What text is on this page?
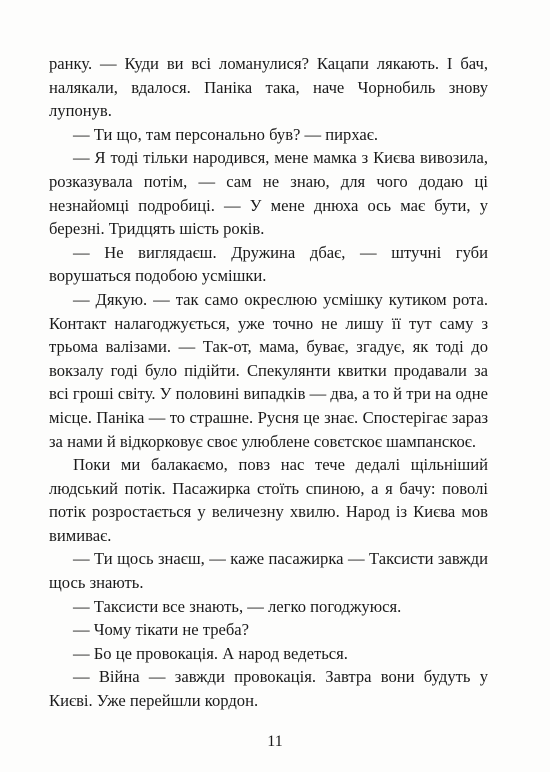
ранку. — Куди ви всі ломанулися? Кацапи лякають. І бач, налякали, вдалося. Паніка така, наче Чорнобиль знову лупонув.

— Ти що, там персонально був? — пирхає.

— Я тоді тільки народився, мене мамка з Києва вивозила, розказувала потім, — сам не знаю, для чого додаю ці незнайомці подробиці. — У мене днюха ось має бути, у березні. Тридцять шість років.

— Не виглядаєш. Дружина дбає, — штучні губи ворушаться подобою усмішки.

— Дякую. — так само окреслюю усмішку кутиком рота. Контакт налагоджується, уже точно не лишу її тут саму з трьома валізами. — Так-от, мама, буває, згадує, як тоді до вокзалу годі було підійти. Спекулянти квитки продавали за всі гроші світу. У половині випадків — два, а то й три на одне місце. Паніка — то страшне. Русня це знає. Спостерігає зараз за нами й відкорковує своє улюблене совєтскоє шампанскоє.

Поки ми балакаємо, повз нас тече дедалі щільніший людський потік. Пасажирка стоїть спиною, а я бачу: поволі потік розростається у величезну хвилю. Народ із Києва мов вимиває.

— Ти щось знаєш, — каже пасажирка — Таксисти завжди щось знають.

— Таксисти все знають, — легко погоджуюся.

— Чому тікати не треба?

— Бо це провокація. А народ ведеться.

— Війна — завжди провокація. Завтра вони будуть у Києві. Уже перейшли кордон.

11
